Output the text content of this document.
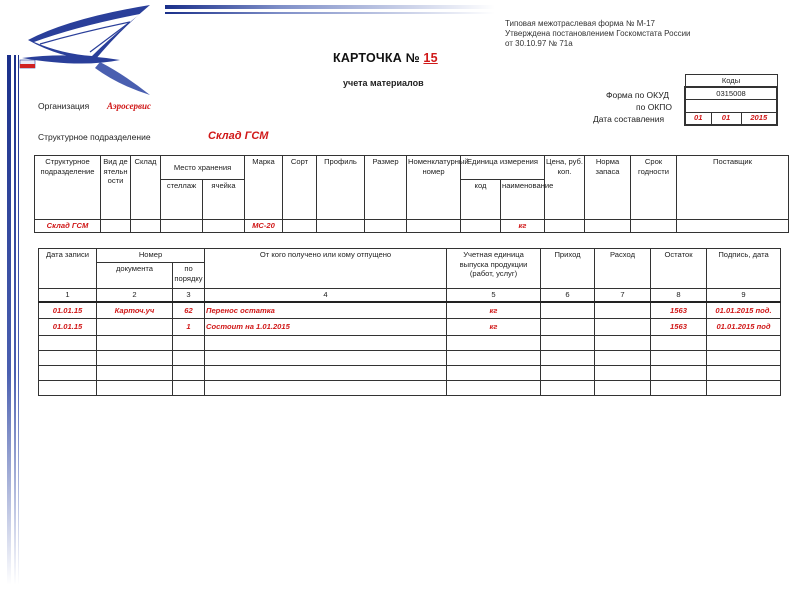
Типовая межотраслевая форма № М-17
Утверждена постановлением Госкомстата России
от 30.10.97 № 71а
КАРТОЧКА № 15
учета материалов
Форма по ОКУД
по ОКПО
Дата составления
Коды
0315008

01	01	2015
Организация Аэросервис
Структурное подразделение	Склад ГСМ
Структурное подразделение	Вид деятельности	Склад	Место хранения		Марка	Сорт	Профиль	Размер	Номенклатурный номер	Единица измерения		Цена, руб. коп.	Норма запаса	Срок годности	Поставщик
			стеллаж	ячейка						код	наименование				
Склад ГСМ					МС-20						кг				
Дата записи	Номер		От кого получено или кому отпущено	Учетная единица выпуска продукции (работ, услуг)	Приход	Расход	Остаток	Подпись, дата
	документа	по порядку						
1	2	3	4	5	6	7	8	9
01.01.15	Карточ.уч	62	Перенос остатка	кг			1563	01.01.2015 под.
01.01.15		1	Состоит на 1.01.2015	кг			1563	01.01.2015 под
